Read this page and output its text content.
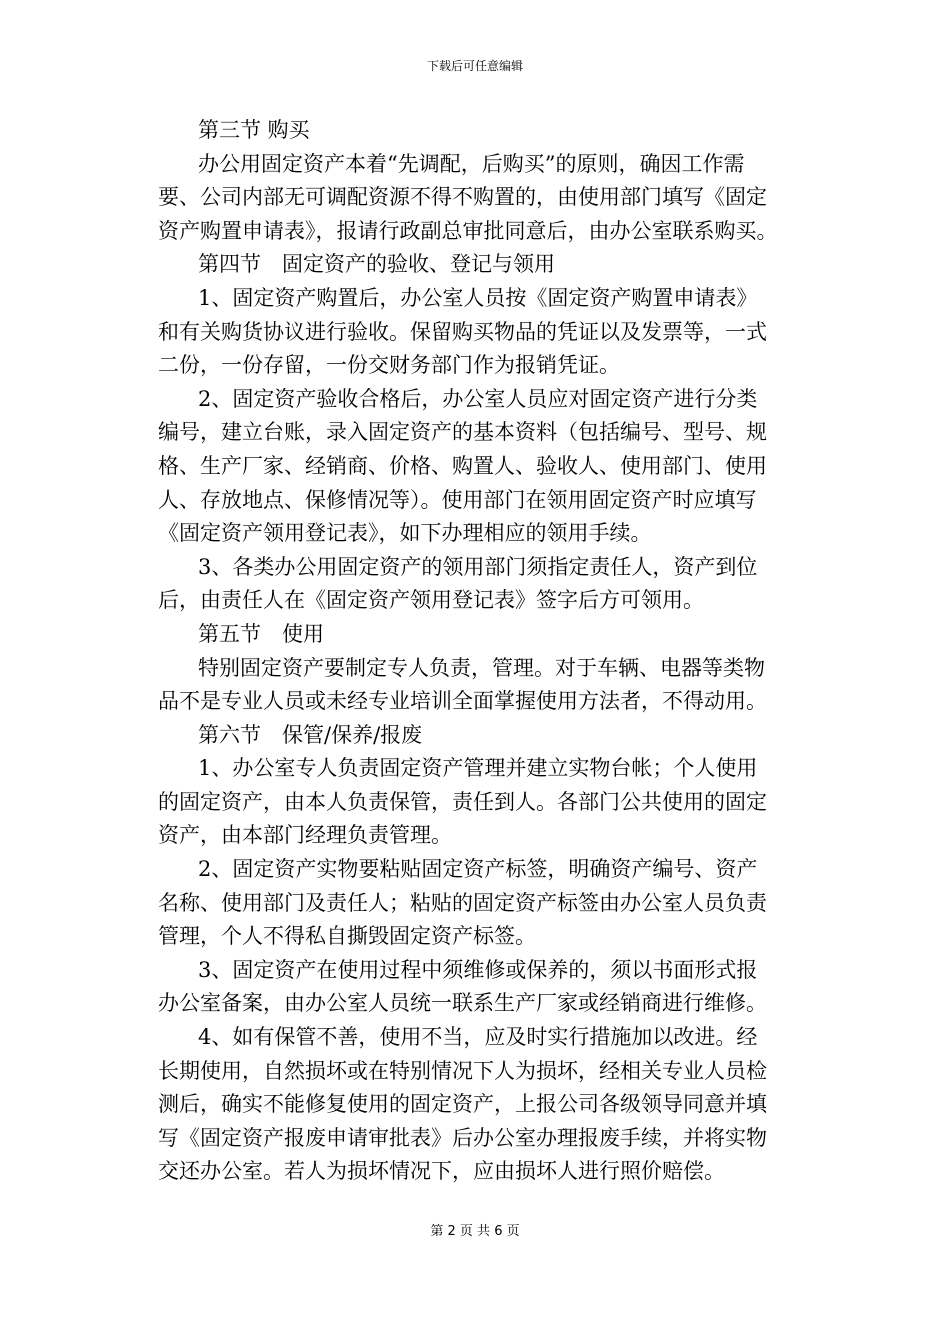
下载后可任意编辑
第三节 购买
办公用固定资产本着“先调配，后购买”的原则，确因工作需
要、公司内部无可调配资源不得不购置的，由使用部门填写《固定
资产购置申请表》，报请行政副总审批同意后，由办公室联系购买。
第四节　固定资产的验收、登记与领用
1、固定资产购置后，办公室人员按《固定资产购置申请表》
和有关购货协议进行验收。保留购买物品的凭证以及发票等，一式
二份，一份存留，一份交财务部门作为报销凭证。
2、固定资产验收合格后，办公室人员应对固定资产进行分类
编号，建立台账，录入固定资产的基本资料（包括编号、型号、规
格、生产厂家、经销商、价格、购置人、验收人、使用部门、使用
人、存放地点、保修情况等）。使用部门在领用固定资产时应填写
《固定资产领用登记表》，如下办理相应的领用手续。
3、各类办公用固定资产的领用部门须指定责任人，资产到位
后，由责任人在《固定资产领用登记表》签字后方可领用。
第五节　使用
特别固定资产要制定专人负责，管理。对于车辆、电器等类物
品不是专业人员或未经专业培训全面掌握使用方法者，不得动用。
第六节　保管/保养/报废
1、办公室专人负责固定资产管理并建立实物台帐；个人使用
的固定资产，由本人负责保管，责任到人。各部门公共使用的固定
资产，由本部门经理负责管理。
2、固定资产实物要粘贴固定资产标签，明确资产编号、资产
名称、使用部门及责任人；粘贴的固定资产标签由办公室人员负责
管理，个人不得私自撕毁固定资产标签。
3、固定资产在使用过程中须维修或保养的，须以书面形式报
办公室备案，由办公室人员统一联系生产厂家或经销商进行维修。
4、如有保管不善，使用不当，应及时实行措施加以改进。经
长期使用，自然损坏或在特别情况下人为损坏，经相关专业人员检
测后，确实不能修复使用的固定资产，上报公司各级领导同意并填
写《固定资产报废申请审批表》后办公室办理报废手续，并将实物
交还办公室。若人为损坏情况下，应由损坏人进行照价赔偿。
第 2 页 共 6 页
